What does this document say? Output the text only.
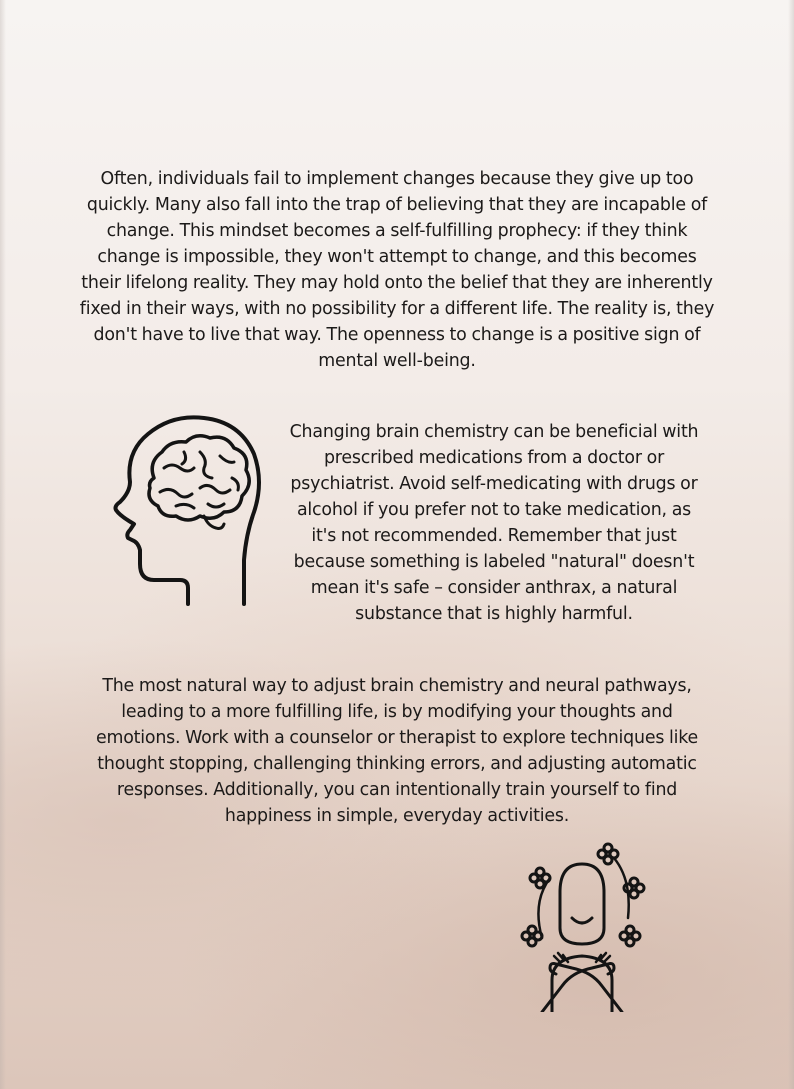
Often, individuals fail to implement changes because they give up too quickly. Many also fall into the trap of believing that they are incapable of change. This mindset becomes a self-fulfilling prophecy: if they think change is impossible, they won't attempt to change, and this becomes their lifelong reality. They may hold onto the belief that they are inherently fixed in their ways, with no possibility for a different life. The reality is, they don't have to live that way. The openness to change is a positive sign of mental well-being.

Changing brain chemistry can be beneficial with prescribed medications from a doctor or psychiatrist. Avoid self-medicating with drugs or alcohol if you prefer not to take medication, as it's not recommended. Remember that just because something is labeled "natural" doesn't mean it's safe – consider anthrax, a natural substance that is highly harmful.

The most natural way to adjust brain chemistry and neural pathways, leading to a more fulfilling life, is by modifying your thoughts and emotions. Work with a counselor or therapist to explore techniques like thought stopping, challenging thinking errors, and adjusting automatic responses. Additionally, you can intentionally train yourself to find happiness in simple, everyday activities.
